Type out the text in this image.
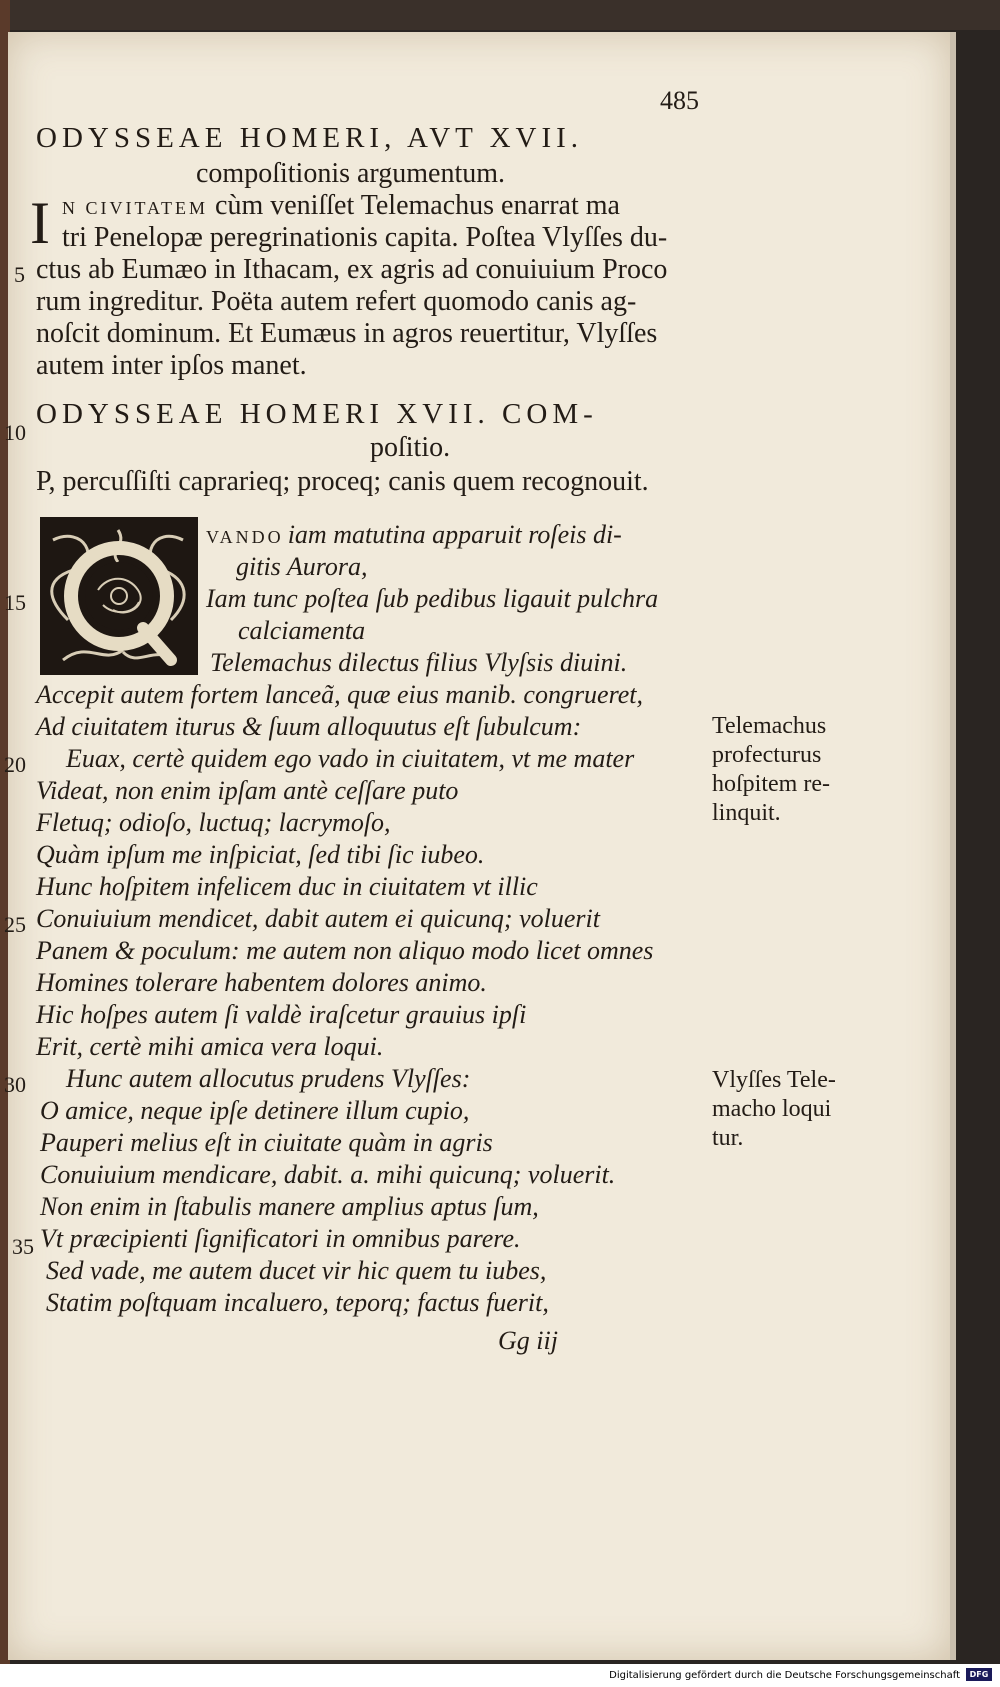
485
ODYSSEAE HOMERI, AVT XVII.
compoſitionis argumentum.
I N CIVITATEM cùm veniſſet Telemachus enarrat ma
tri Penelopæ peregrinationis capita. Poſtea Vlyſſes du-
ctus ab Eumæo in Ithacam, ex agris ad conuiuium Proco
rum ingreditur. Poëta autem refert quomodo canis ag-
noſcit dominum. Et Eumæus in agros reuertitur, Vlyſſes
autem inter ipſos manet.
ODYSSEAE HOMERI XVII. COM-
poſitio.
P, percuſſiſti caprarieq; proceq; canis quem recognouit.
VANDO iam matutina apparuit roſeis di-
gitis Aurora,
Iam tunc poſtea ſub pedibus ligauit pulchra
calciamenta
Telemachus dilectus filius Vlyſsis diuini.
Accepit autem fortem lanceã, quæ eius manib. congrueret,
Ad ciuitatem iturus & ſuum alloquutus eſt ſubulcum:
Euax, certè quidem ego vado in ciuitatem, vt me mater
Videat, non enim ipſam antè ceſſare puto
Fletuq; odioſo, luctuq; lacrymoſo,
Quàm ipſum me inſpiciat, ſed tibi ſic iubeo.
Hunc hoſpitem infelicem duc in ciuitatem vt illic
Conuiuium mendicet, dabit autem ei quicunq; voluerit
Panem & poculum: me autem non aliquo modo licet omnes
Homines tolerare habentem dolores animo.
Hic hoſpes autem ſi valdè iraſcetur grauius ipſi
Erit, certè mihi amica vera loqui.
Hunc autem allocutus prudens Vlyſſes:
O amice, neque ipſe detinere illum cupio,
Pauperi melius eſt in ciuitate quàm in agris
Conuiuium mendicare, dabit. a. mihi quicunq; voluerit.
Non enim in ſtabulis manere amplius aptus ſum,
Vt præcipienti ſignificatori in omnibus parere.
Sed vade, me autem ducet vir hic quem tu iubes,
Statim poſtquam incaluero, teporq; factus fuerit,
Gg iij
5
10
15
20
25
30
35
Telemachus
profecturus
hoſpitem re-
linquit.
Vlyſſes Tele-
macho loqui
tur.
Digitalisierung gefördert durch die Deutsche Forschungsgemeinschaft	DFG
